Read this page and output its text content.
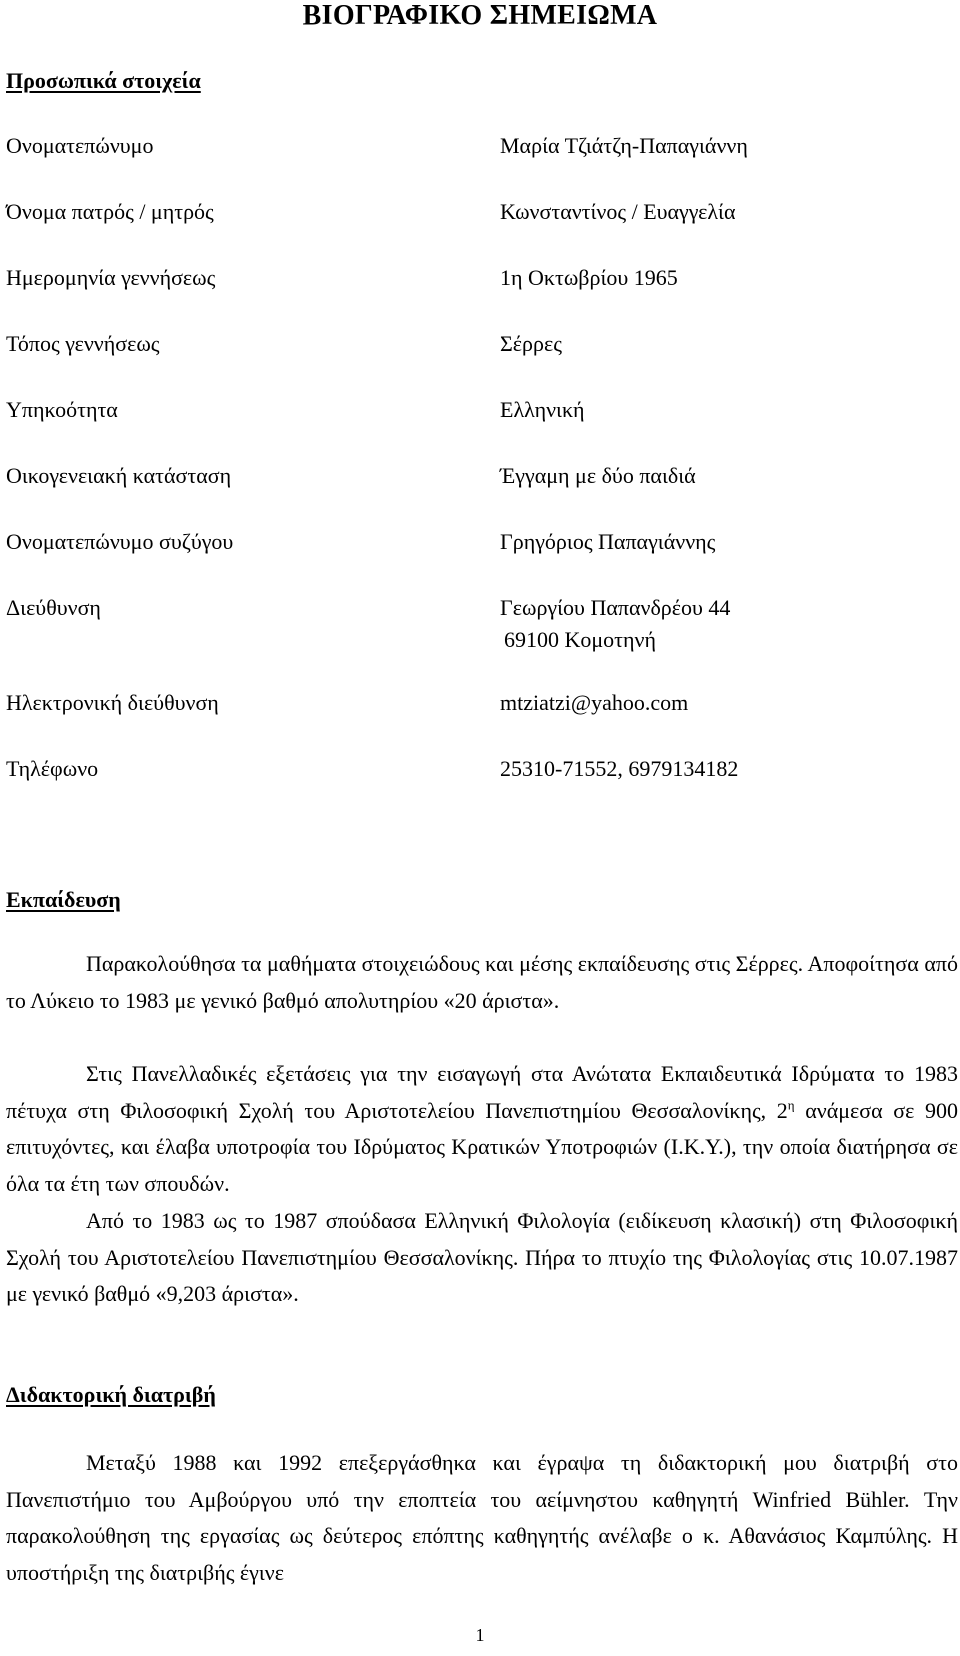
ΒΙΟΓΡΑΦΙΚΟ ΣΗΜΕΙΩΜΑ
Προσωπικά στοιχεία
Ονοματεπώνυμο	Μαρία Τζιάτζη-Παπαγιάννη
Όνομα πατρός / μητρός	Κωνσταντίνος / Ευαγγελία
Ημερομηνία γεννήσεως	1η Οκτωβρίου 1965
Τόπος γεννήσεως	Σέρρες
Υπηκοότητα	Ελληνική
Οικογενειακή κατάσταση	Έγγαμη με δύο παιδιά
Ονοματεπώνυμο συζύγου	Γρηγόριος Παπαγιάννης
Διεύθυνση	Γεωργίου Παπανδρέου 44
69100 Κομοτηνή
Ηλεκτρονική διεύθυνση	mtziatzi@yahoo.com
Τηλέφωνο	25310-71552, 6979134182
Εκπαίδευση

Παρακολούθησα τα μαθήματα στοιχειώδους και μέσης εκπαίδευσης στις Σέρρες. Αποφοίτησα από το Λύκειο το 1983 με γενικό βαθμό απολυτηρίου «20 άριστα».

Στις Πανελλαδικές εξετάσεις για την εισαγωγή στα Ανώτατα Εκπαιδευτικά Ιδρύματα το 1983 πέτυχα στη Φιλοσοφική Σχολή του Αριστοτελείου Πανεπιστημίου Θεσσαλονίκης, $2^\eta$ ανάμεσα σε 900 επιτυχόντες, και έλαβα υποτροφία του Ιδρύματος Κρατικών Υποτροφιών (Ι.Κ.Υ.), την οποία διατήρησα σε όλα τα έτη των σπουδών.

Από το 1983 ως το 1987 σπούδασα Ελληνική Φιλολογία (ειδίκευση κλασική) στη Φιλοσοφική Σχολή του Αριστοτελείου Πανεπιστημίου Θεσσαλονίκης. Πήρα το πτυχίο της Φιλολογίας στις 10.07.1987 με γενικό βαθμό «9,203 άριστα».

Διδακτορική διατριβή

Μεταξύ 1988 και 1992 επεξεργάσθηκα και έγραψα τη διδακτορική μου διατριβή στο Πανεπιστήμιο του Αμβούργου υπό την εποπτεία του αείμνηστου καθηγητή Winfried Bühler. Την παρακολούθηση της εργασίας ως δεύτερος επόπτης καθηγητής ανέλαβε ο κ. Αθανάσιος Καμπύλης. Η υποστήριξη της διατριβής έγινε

1
